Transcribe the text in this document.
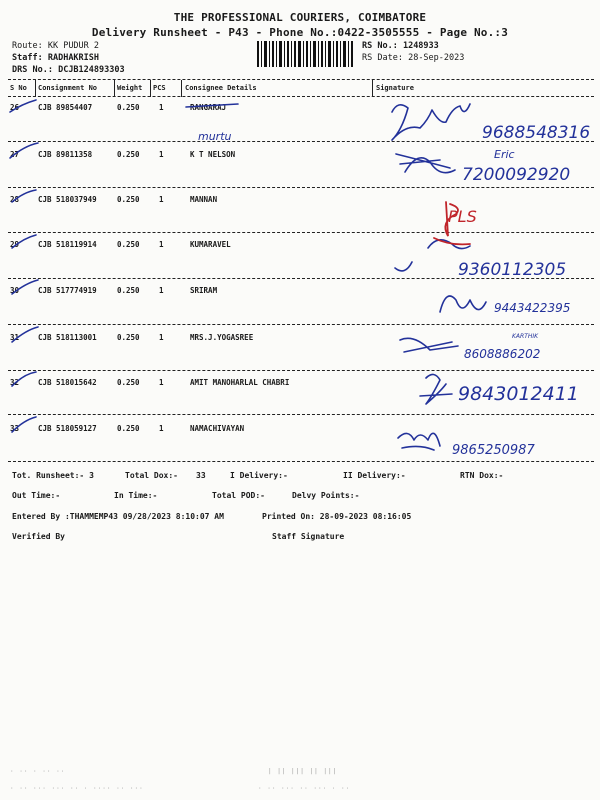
THE PROFESSIONAL COURIERS, COIMBATORE
Delivery Runsheet - P43 - Phone No.:0422-3505555 - Page No.:3
Route: KK PUDUR 2
Staff: RADHAKRISH
DRS No.: DCJB124893303
RS No.: 1248933
RS Date: 28-Sep-2023
S No Consignment No	Weight PCS	Consignee Details	Signature
26	CJB 89854407	0.250	1	RANGARAJ
27	CJB 89811358	0.250	1	K T NELSON
28	CJB 518037949	0.250	1	MANNAN
29	CJB 518119914	0.250	1	KUMARAVEL
30	CJB 517774919	0.250	1	SRIRAM
31	CJB 518113001	0.250	1	MRS.J.YOGASREE
32	CJB 518015642	0.250	1	AMIT MANOHARLAL CHABRI
33	CJB 518059127	0.250	1	NAMACHIVAYAN
Tot. Runsheet:- 3	Total Dox:- 33	I Delivery:-	II Delivery:-	RTN Dox:-
Out Time:-	In Time:-	Total POD:-	Delvy Points:-
Entered By :THAMMEMP43 09/28/2023 8:10:07 AM	Printed On: 28-09-2023 08:16:05
Verified By	Staff Signature
· ·· · ·· ··	| || ||| || |||
· ·· ··· ··· ·· · ···· ·· ···	· ·· ··· ·· ··· · ··
murtu	9688548316
Eric
7200092920
9360112305
9443422395
8608886202
KARTHIK
9843012411
9865250987
PLS
